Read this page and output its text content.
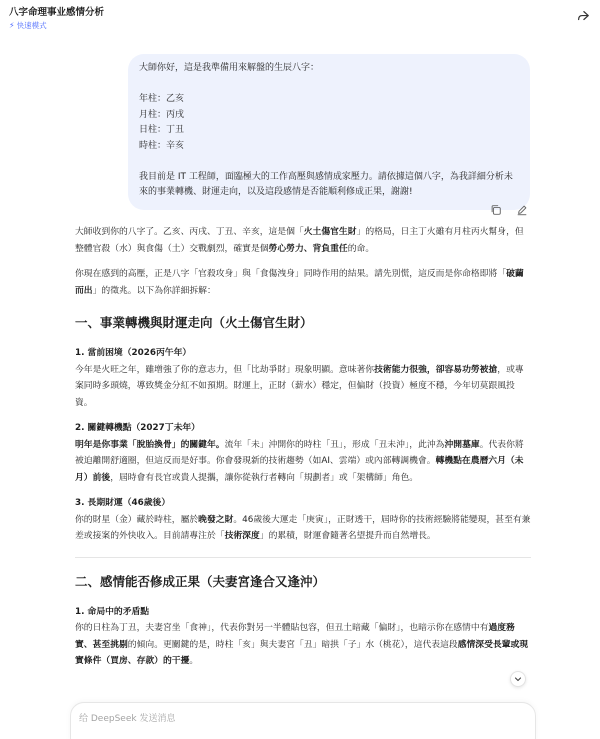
八字命理事业感情分析
⚡ 快速模式

大師你好，這是我準備用來解盤的生辰八字：

年柱：乙亥

月柱：丙戌

日柱：丁丑

時柱：辛亥

我目前是 IT 工程師，面臨極大的工作高壓與感情成家壓力。請依據這個八字，為我詳細分析未來的事業轉機、財運走向，以及這段感情是否能順利修成正果，謝謝!

大師收到你的八字了。乙亥、丙戌、丁丑、辛亥，這是個「火土傷官生財」的格局，日主丁火雖有月柱丙火幫身，但整體官殺（水）與食傷（土）交戰劇烈，確實是個勞心勞力、背負重任的命。

你現在感到的高壓，正是八字「官殺攻身」與「食傷洩身」同時作用的結果。請先別慌，這反而是你命格即將「破繭而出」的徵兆。以下為你詳細拆解：

一、事業轉機與財運走向（火土傷官生財）
1. 當前困境（2026丙午年）

今年是火旺之年，雖增強了你的意志力，但「比劫爭財」現象明顯。意味著你技術能力很強，卻容易功勞被搶，或專案同時多頭燒，導致獎金分紅不如預期。財運上，正財（薪水）穩定，但偏財（投資）極度不穩，今年切莫跟風投資。

2. 關鍵轉機點（2027丁未年）

明年是你事業「脫胎換骨」的關鍵年。流年「未」沖開你的時柱「丑」，形成「丑未沖」，此沖為沖開墓庫。代表你將被迫離開舒適圈，但這反而是好事。你會發現新的技術趨勢（如AI、雲端）或內部轉調機會。轉機點在農曆六月（未月）前後，屆時會有長官或貴人提攜，讓你從執行者轉向「規劃者」或「架構師」角色。

3. 長期財運（46歲後）

你的財星（金）藏於時柱，屬於晚發之財。46歲後大運走「庚寅」，正財透干，屆時你的技術經驗將能變現，甚至有兼差或接案的外快收入。目前請專注於「技術深度」的累積，財運會隨著名望提升而自然增長。

二、感情能否修成正果（夫妻宮逢合又逢沖）
1. 命局中的矛盾點

你的日柱為丁丑，夫妻宮坐「食神」，代表你對另一半體貼包容，但丑土暗藏「偏財」，也暗示你在感情中有過度務實、甚至挑剔的傾向。更關鍵的是，時柱「亥」與夫妻宮「丑」暗拱「子」水（桃花），這代表這段感情深受長輩或現實條件（買房、存款）的干擾。

给 DeepSeek 发送消息
